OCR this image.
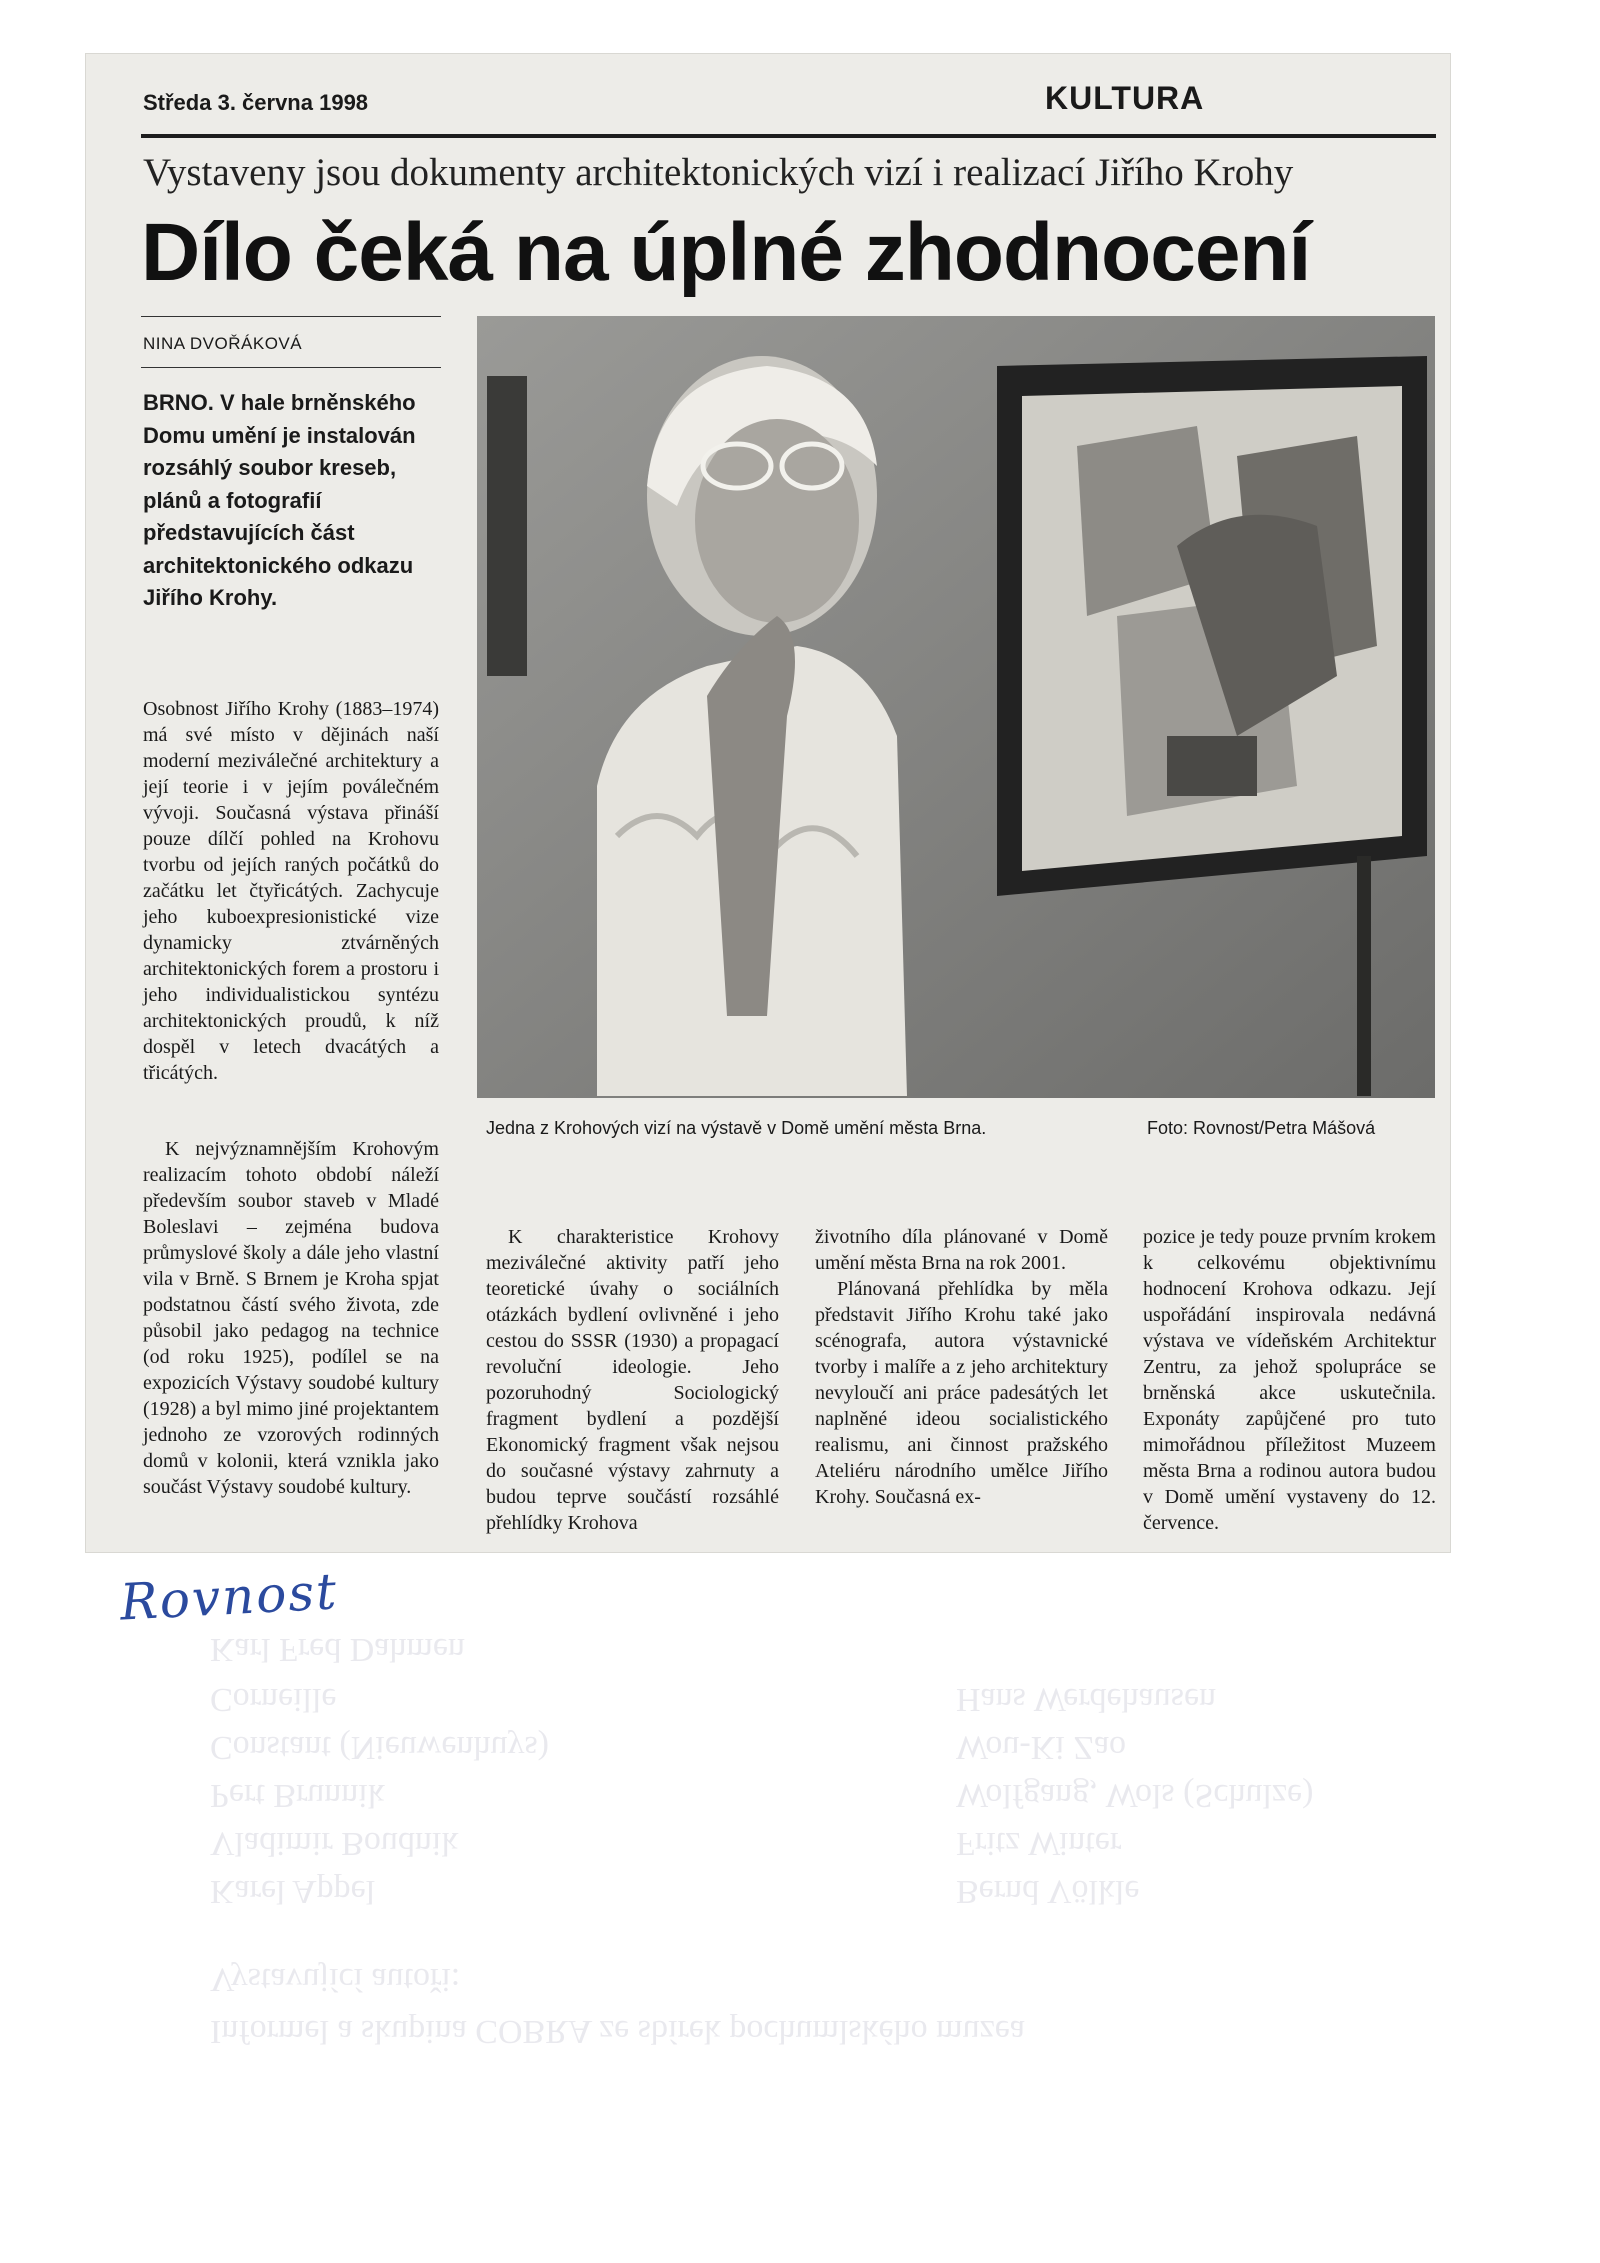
Karl Fred Dahmen
Corneille
Constant (Nieuwenhuys)
Pert Brunnik
Vladimir Boudnik
Karel Appel
Hans Werdehausen
Wou-Ki Zao
Wolfgang, Wols (Schulze)
Fritz Winter
Bernd Völkle
Vystavující autoři:
Informel a skupina COBRA ze sbírek pochumlského muzea
Středa 3. června 1998	KULTURA
Vystaveny jsou dokumenty architektonických vizí i realizací Jiřího Krohy
Dílo čeká na úplné zhodnocení
NINA DVOŘÁKOVÁ
BRNO. V hale brněnského Domu umění je instalován rozsáhlý soubor kreseb, plánů a fotografií představujících část architektonického odkazu Jiřího Krohy.

Osobnost Jiřího Krohy (1883–1974) má své místo v dějinách naší moderní meziválečné architektury a její teorie i v jejím poválečném vývoji. Současná výstava přináší pouze dílčí pohled na Krohovu tvorbu od jejích raných počátků do začátku let čtyřicátých. Zachycuje jeho kuboexpresionistické vize dynamicky ztvárněných architektonických forem a prostoru i jeho individualistickou syntézu architektonických proudů, k níž dospěl v letech dvacátých a třicátých.

K nejvýznamnějším Krohovým realizacím tohoto období náleží především soubor staveb v Mladé Boleslavi – zejména budova průmyslové školy a dále jeho vlastní vila v Brně. S Brnem je Kroha spjat podstatnou částí svého života, zde působil jako pedagog na technice (od roku 1925), podílel se na expozicích Výstavy soudobé kultury (1928) a byl mimo jiné projektantem jednoho ze vzorových rodinných domů v kolonii, která vznikla jako součást Výstavy soudobé kultury.

Jedna z Krohových vizí na výstavě v Domě umění města Brna.	Foto: Rovnost/Petra Mášová

K charakteristice Krohovy meziválečné aktivity patří jeho teoretické úvahy o sociálních otázkách bydlení ovlivněné i jeho cestou do SSSR (1930) a propagací revoluční ideologie. Jeho pozoruhodný Sociologický fragment bydlení a pozdější Ekonomický fragment však nejsou do současné výstavy zahrnuty a budou teprve součástí rozsáhlé přehlídky Krohova

životního díla plánované v Domě umění města Brna na rok 2001.

Plánovaná přehlídka by měla představit Jiřího Krohu také jako scénografa, autora výstavnické tvorby i malíře a z jeho architektury nevyloučí ani práce padesátých let naplněné ideou socialistického realismu, ani činnost pražského Ateliéru národního umělce Jiřího Krohy. Současná ex-

pozice je tedy pouze prvním krokem k celkovému objektivnímu hodnocení Krohova odkazu. Její uspořádání inspirovala nedávná výstava ve vídeňském Architektur Zentru, za jehož spolupráce se brněnská akce uskutečnila. Exponáty zapůjčené pro tuto mimořádnou příležitost Muzeem města Brna a rodinou autora budou v Domě umění vystaveny do 12. července.

Rovnost
